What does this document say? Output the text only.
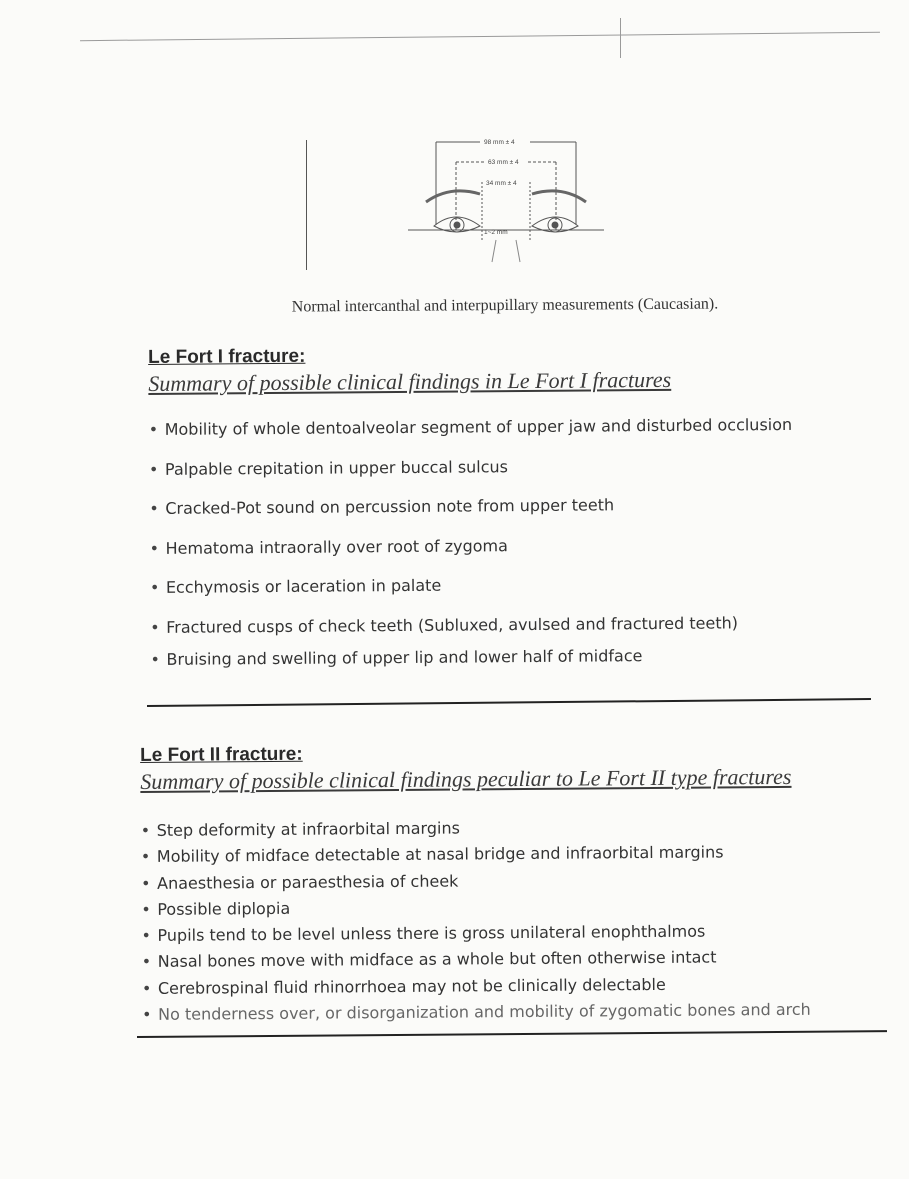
98 mm ± 4
63 mm ± 4
34 mm ± 4
1~2 mm
Normal intercanthal and interpupillary measurements (Caucasian).

Le Fort I fracture:

Summary of possible clinical findings in Le Fort I fractures

• Mobility of whole dentoalveolar segment of upper jaw and disturbed occlusion
• Palpable crepitation in upper buccal sulcus
• Cracked-Pot sound on percussion note from upper teeth
• Hematoma intraorally over root of zygoma
• Ecchymosis or laceration in palate
• Fractured cusps of check teeth (Subluxed, avulsed and fractured teeth)
• Bruising and swelling of upper lip and lower half of midface

Le Fort II fracture:

Summary of possible clinical findings peculiar to Le Fort II type fractures

• Step deformity at infraorbital margins
• Mobility of midface detectable at nasal bridge and infraorbital margins
• Anaesthesia or paraesthesia of cheek
• Possible diplopia
• Pupils tend to be level unless there is gross unilateral enophthalmos
• Nasal bones move with midface as a whole but often otherwise intact
• Cerebrospinal fluid rhinorrhoea may not be clinically delectable
• No tenderness over, or disorganization and mobility of zygomatic bones and arch
